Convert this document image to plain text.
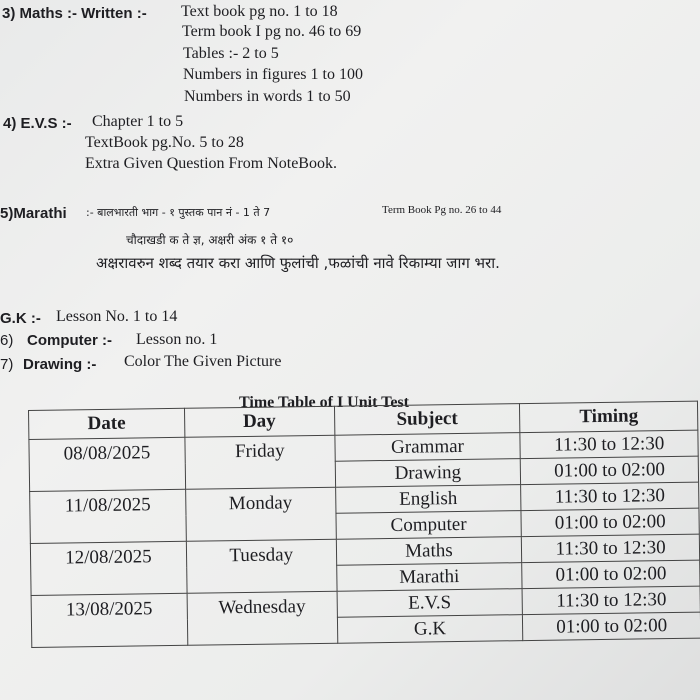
3) Maths :- Written :- Text book pg no. 1 to 18
Term book I pg no. 46 to 69
Tables :- 2 to 5
Numbers in figures 1 to 100
Numbers in words 1 to 50
4) E.V.S :- Chapter 1 to 5
TextBook pg.No. 5 to 28
Extra Given Question From NoteBook.
5)Marathi :- बालभारती भाग - १ पुस्तक पान नं - 1 ते 7	Term Book Pg no. 26 to 44
चौदाखडी क ते ज्ञ, अक्षरी अंक १ ते १०
अक्षरावरुन शब्द तयार करा आणि फुलांची ,फळांची नावे रिकाम्या जाग भरा.
G.K :- Lesson No. 1 to 14
6) Computer :- Lesson no. 1
7) Drawing :- Color The Given Picture
Time Table of I Unit Test
Date	Day	Subject	Timing
08/08/2025	Friday	Grammar	11:30 to 12:30
		Drawing	01:00 to 02:00
11/08/2025	Monday	English	11:30 to 12:30
		Computer	01:00 to 02:00
12/08/2025	Tuesday	Maths	11:30 to 12:30
		Marathi	01:00 to 02:00
13/08/2025	Wednesday	E.V.S	11:30 to 12:30
		G.K	01:00 to 02:00
